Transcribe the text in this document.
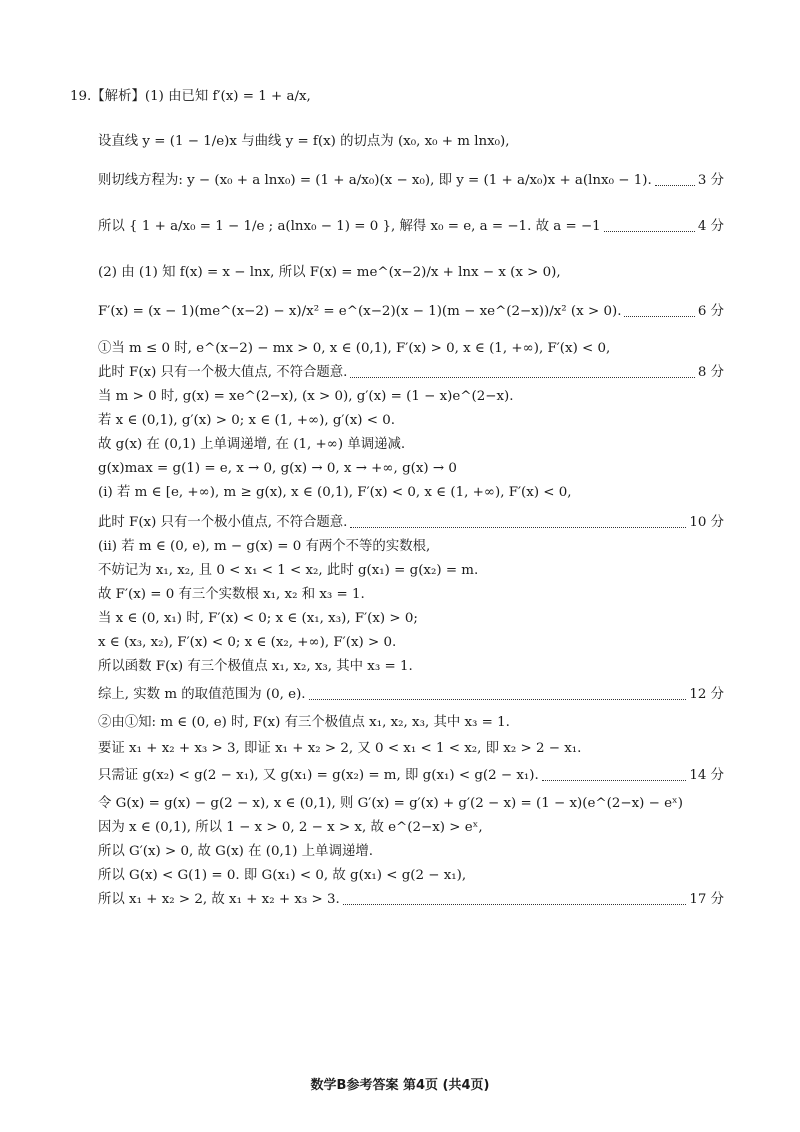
19.【解析】(1) 由已知 f′(x) = 1 + a/x,
设直线 y = (1 − 1/e)x 与曲线 y = f(x) 的切点为 (x₀, x₀ + m lnx₀),
则切线方程为: y − (x₀ + a lnx₀) = (1 + a/x₀)(x − x₀), 即 y = (1 + a/x₀)x + a(lnx₀ − 1).	3 分
所以 { 1 + a/x₀ = 1 − 1/e ; a(lnx₀ − 1) = 0 }, 解得 x₀ = e, a = −1. 故 a = −1	4 分
(2) 由 (1) 知 f(x) = x − lnx, 所以 F(x) = me^(x−2)/x + lnx − x (x > 0),
F′(x) = (x − 1)(me^(x−2) − x)/x² = e^(x−2)(x − 1)(m − xe^(2−x))/x² (x > 0).	6 分
①当 m ≤ 0 时, e^(x−2) − mx > 0, x ∈ (0,1), F′(x) > 0, x ∈ (1, +∞), F′(x) < 0,
此时 F(x) 只有一个极大值点, 不符合题意.	8 分
当 m > 0 时, g(x) = xe^(2−x), (x > 0), g′(x) = (1 − x)e^(2−x).
若 x ∈ (0,1), g′(x) > 0; x ∈ (1, +∞), g′(x) < 0.
故 g(x) 在 (0,1) 上单调递增, 在 (1, +∞) 单调递减.
g(x)max = g(1) = e, x → 0, g(x) → 0, x → +∞, g(x) → 0
(ⅰ) 若 m ∈ [e, +∞), m ≥ g(x), x ∈ (0,1), F′(x) < 0, x ∈ (1, +∞), F′(x) < 0,
此时 F(x) 只有一个极小值点, 不符合题意.	10 分
(ⅱ) 若 m ∈ (0, e), m − g(x) = 0 有两个不等的实数根,
不妨记为 x₁, x₂, 且 0 < x₁ < 1 < x₂, 此时 g(x₁) = g(x₂) = m.
故 F′(x) = 0 有三个实数根 x₁, x₂ 和 x₃ = 1.
当 x ∈ (0, x₁) 时, F′(x) < 0; x ∈ (x₁, x₃), F′(x) > 0;
x ∈ (x₃, x₂), F′(x) < 0; x ∈ (x₂, +∞), F′(x) > 0.
所以函数 F(x) 有三个极值点 x₁, x₂, x₃, 其中 x₃ = 1.
综上, 实数 m 的取值范围为 (0, e).	12 分
②由①知: m ∈ (0, e) 时, F(x) 有三个极值点 x₁, x₂, x₃, 其中 x₃ = 1.
要证 x₁ + x₂ + x₃ > 3, 即证 x₁ + x₂ > 2, 又 0 < x₁ < 1 < x₂, 即 x₂ > 2 − x₁.
只需证 g(x₂) < g(2 − x₁), 又 g(x₁) = g(x₂) = m, 即 g(x₁) < g(2 − x₁).	14 分
令 G(x) = g(x) − g(2 − x), x ∈ (0,1), 则 G′(x) = g′(x) + g′(2 − x) = (1 − x)(e^(2−x) − eˣ)
因为 x ∈ (0,1), 所以 1 − x > 0, 2 − x > x, 故 e^(2−x) > eˣ,
所以 G′(x) > 0, 故 G(x) 在 (0,1) 上单调递增.
所以 G(x) < G(1) = 0. 即 G(x₁) < 0, 故 g(x₁) < g(2 − x₁),
所以 x₁ + x₂ > 2, 故 x₁ + x₂ + x₃ > 3.	17 分
数学B参考答案 第4页 (共4页)
